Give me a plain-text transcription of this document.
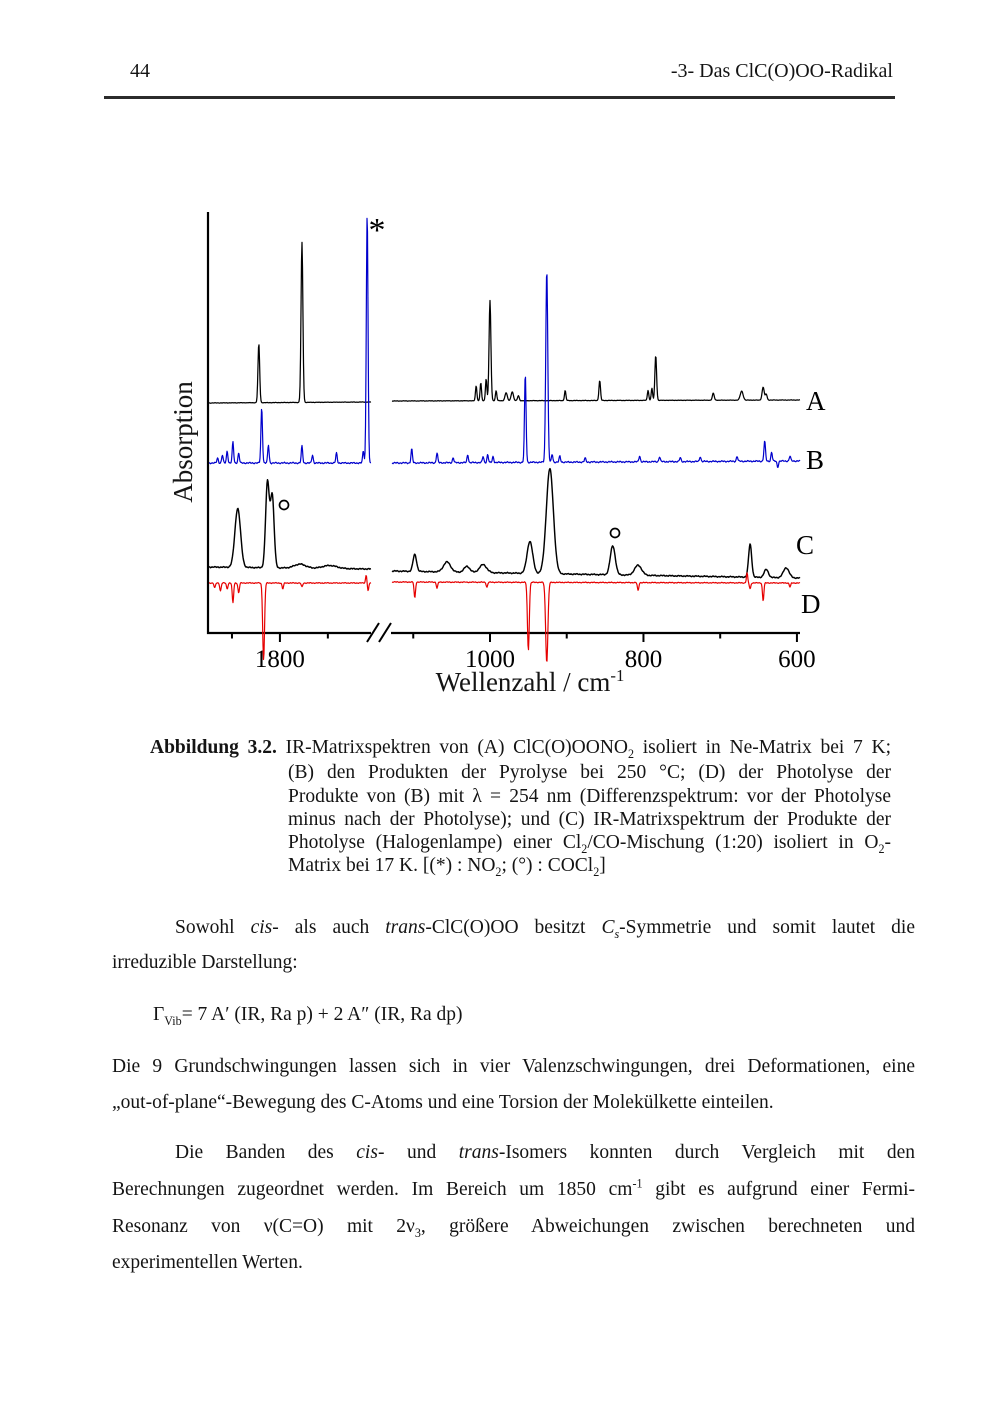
44	-3- Das ClC(O)OO-Radikal
1800	1000	800	600
A
B
C
D
*
Absorption
Wellenzahl / $cm^{-1}$
Abbildung 3.2. IR-Matrixspektren von (A) $ClC(O)OONO_2$ isoliert in Ne-Matrix bei 7 K;
(B) den Produkten der Pyrolyse bei 250 °C; (D) der Photolyse der
Produkte von (B) mit λ = 254 nm (Differenzspektrum: vor der Photolyse
minus nach der Photolyse); und (C) IR-Matrixspektrum der Produkte der
Photolyse (Halogenlampe) einer $Cl_2/CO$-Mischung (1:20) isoliert in $O_2-$
Matrix bei 17 K. [(*) : $NO_2$; (°) : COCl$_2$]
Sowohl cis- als auch trans-ClC(O)OO besitzt $C_s$-Symmetrie und somit lautet die
irreduzible Darstellung:
$\Gamma_{Vib}= 7$ A′ (IR, Ra p) + 2 A″ (IR, Ra dp)
Die 9 Grundschwingungen lassen sich in vier Valenzschwingungen, drei Deformationen, eine
„out-of-plane“-Bewegung des C-Atoms und eine Torsion der Molekülkette einteilen.
Die Banden des cis- und trans-Isomers konnten durch Vergleich mit den
Berechnungen zugeordnet werden. Im Bereich um 1850 $cm^{-1}$ gibt es aufgrund einer Fermi-
Resonanz von ν(C=O) mit $2\nu_3$, größere Abweichungen zwischen berechneten und
experimentellen Werten.
